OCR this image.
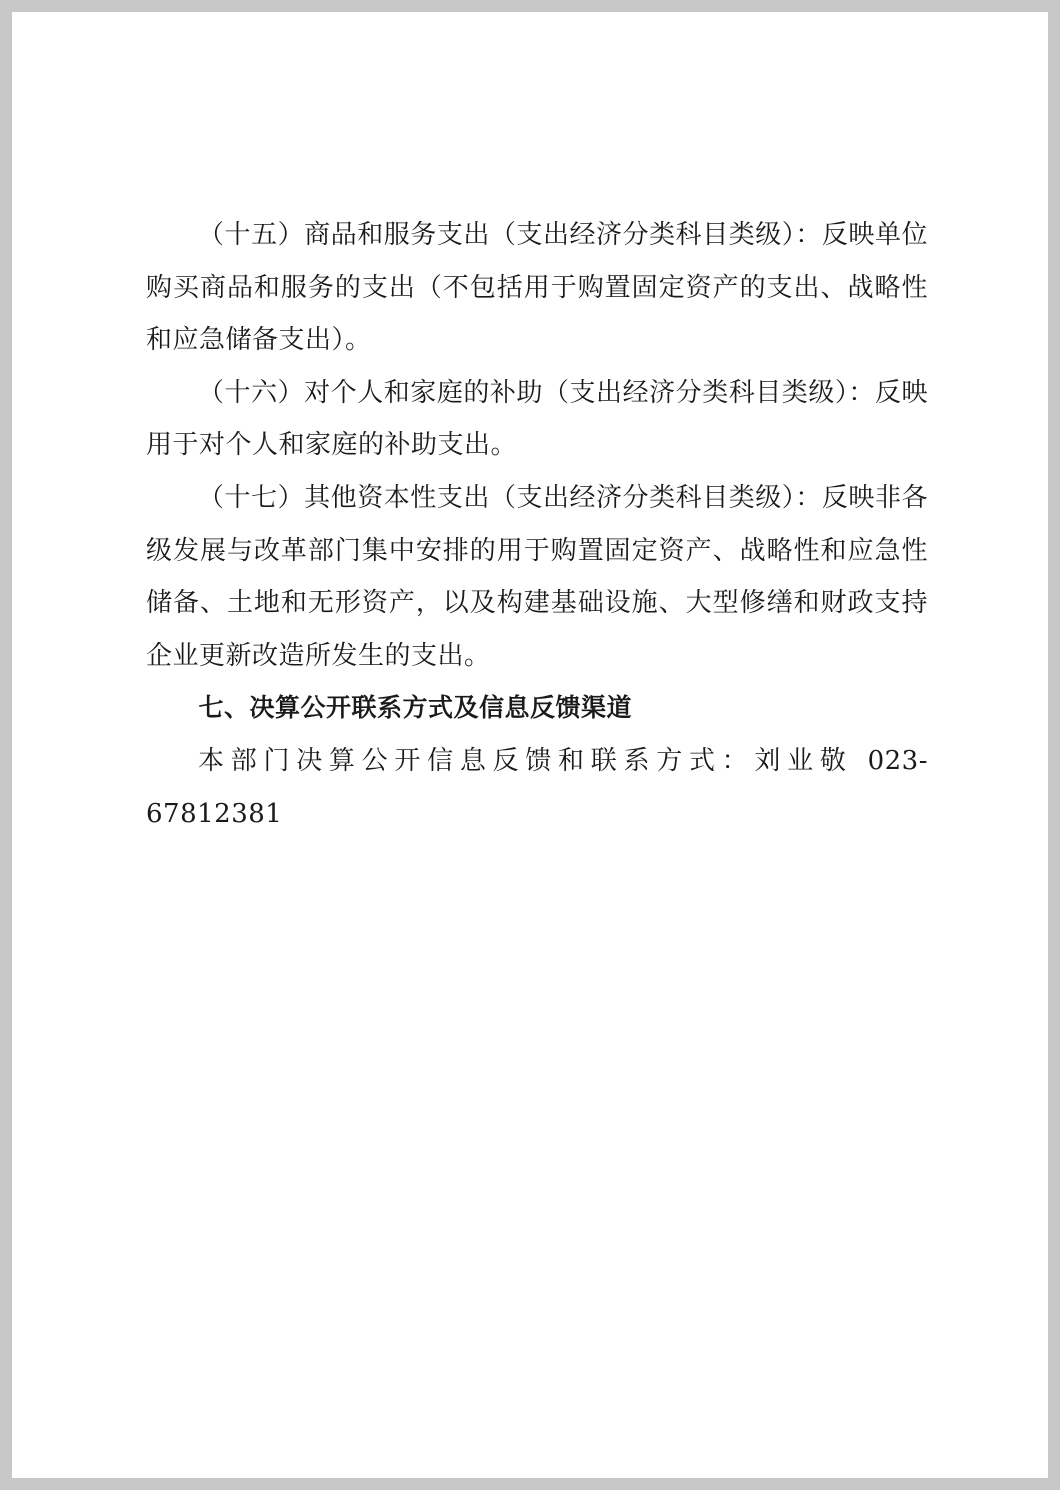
（十五）商品和服务支出（支出经济分类科目类级）：反映单位购买商品和服务的支出（不包括用于购置固定资产的支出、战略性和应急储备支出）。

（十六）对个人和家庭的补助（支出经济分类科目类级）：反映用于对个人和家庭的补助支出。

（十七）其他资本性支出（支出经济分类科目类级）：反映非各级发展与改革部门集中安排的用于购置固定资产、战略性和应急性储备、土地和无形资产，以及构建基础设施、大型修缮和财政支持企业更新改造所发生的支出。

七、决算公开联系方式及信息反馈渠道

本部门决算公开信息反馈和联系方式：刘业敬 023-67812381
